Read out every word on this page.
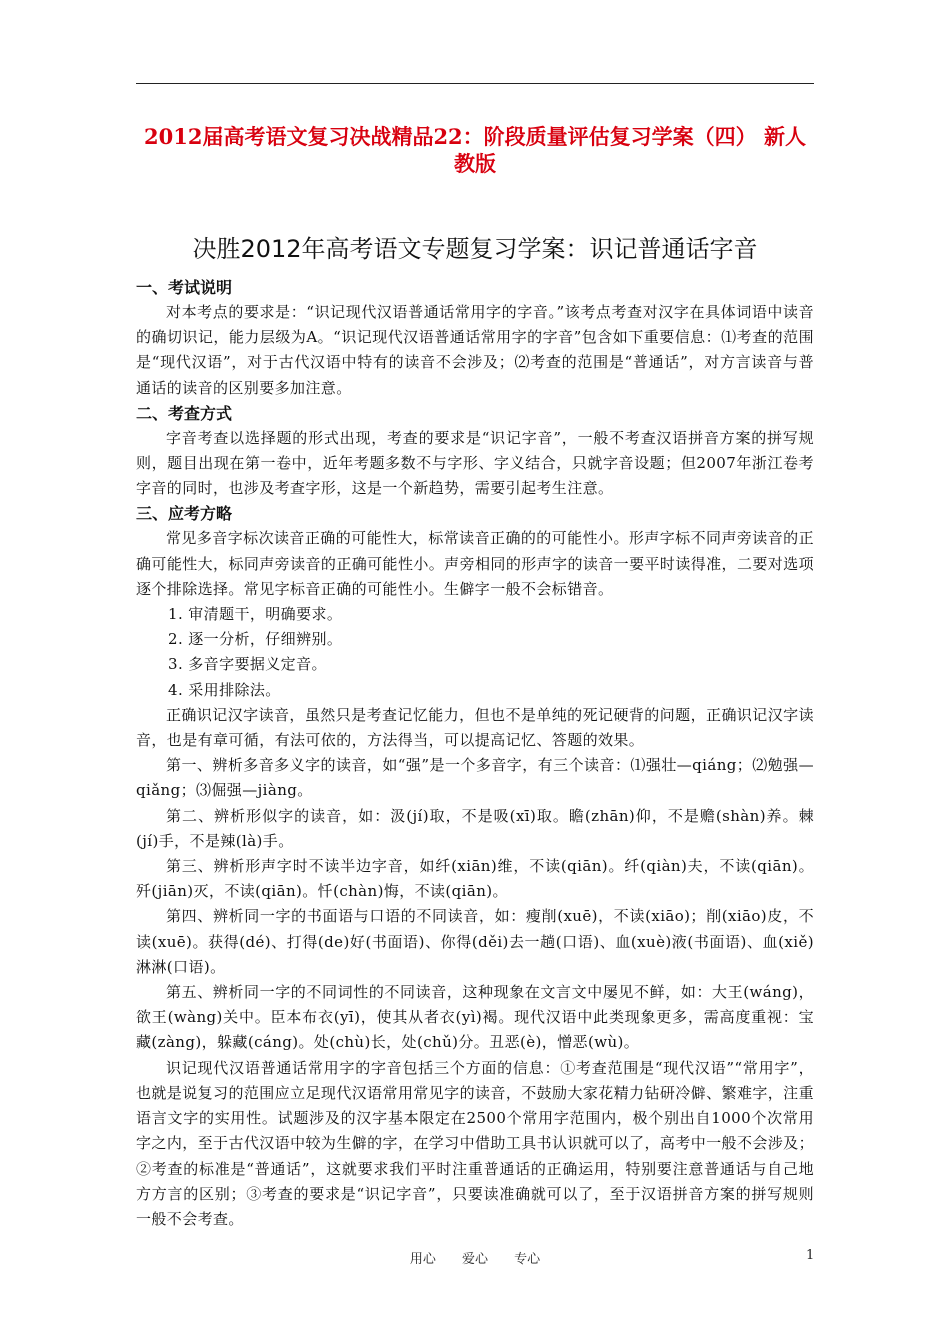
2012届高考语文复习决战精品22：阶段质量评估复习学案（四） 新人教版
决胜2012年高考语文专题复习学案：识记普通话字音
一、考试说明

对本考点的要求是：“识记现代汉语普通话常用字的字音。”该考点考查对汉字在具体词语中读音的确切识记，能力层级为A。“识记现代汉语普通话常用字的字音”包含如下重要信息：⑴考查的范围是“现代汉语”，对于古代汉语中特有的读音不会涉及；⑵考查的范围是“普通话”，对方言读音与普通话的读音的区别要多加注意。

二、考查方式

字音考查以选择题的形式出现，考查的要求是“识记字音”，一般不考查汉语拼音方案的拼写规则，题目出现在第一卷中，近年考题多数不与字形、字义结合，只就字音设题；但2007年浙江卷考字音的同时，也涉及考查字形，这是一个新趋势，需要引起考生注意。

三、应考方略

常见多音字标次读音正确的可能性大，标常读音正确的的可能性小。形声字标不同声旁读音的正确可能性大，标同声旁读音的正确可能性小。声旁相同的形声字的读音一要平时读得准，二要对选项逐个排除选择。常见字标音正确的可能性小。生僻字一般不会标错音。

1. 审清题干，明确要求。
2. 逐一分析，仔细辨别。
3. 多音字要据义定音。
4. 采用排除法。

正确识记汉字读音，虽然只是考查记忆能力，但也不是单纯的死记硬背的问题，正确识记汉字读音，也是有章可循，有法可依的，方法得当，可以提高记忆、答题的效果。

第一、辨析多音多义字的读音，如“强”是一个多音字，有三个读音：⑴强壮—qiáng；⑵勉强—qiǎng；⑶倔强—jiàng。

第二、辨析形似字的读音，如：汲(jí)取，不是吸(xī)取。瞻(zhān)仰，不是赡(shàn)养。棘(jí)手，不是辣(là)手。

第三、辨析形声字时不读半边字音，如纤(xiān)维，不读(qiān)。纤(qiàn)夫，不读(qiān)。歼(jiān)灭，不读(qiān)。忏(chàn)悔，不读(qiān)。

第四、辨析同一字的书面语与口语的不同读音，如：瘦削(xuē)，不读(xiāo)；削(xiāo)皮，不读(xuē)。获得(dé)、打得(de)好(书面语)、你得(děi)去一趟(口语)、血(xuè)液(书面语)、血(xiě)淋淋(口语)。

第五、辨析同一字的不同词性的不同读音，这种现象在文言文中屡见不鲜，如：大王(wáng)，欲王(wàng)关中。臣本布衣(yī)，使其从者衣(yì)褐。现代汉语中此类现象更多，需高度重视：宝藏(zàng)，躲藏(cáng)。处(chù)长，处(chǔ)分。丑恶(è)，憎恶(wù)。

识记现代汉语普通话常用字的字音包括三个方面的信息：①考查范围是“现代汉语”“常用字”，也就是说复习的范围应立足现代汉语常用常见字的读音，不鼓励大家花精力钻研冷僻、繁难字，注重语言文字的实用性。试题涉及的汉字基本限定在2500个常用字范围内，极个别出自1000个次常用字之内，至于古代汉语中较为生僻的字，在学习中借助工具书认识就可以了，高考中一般不会涉及；②考查的标准是“普通话”，这就要求我们平时注重普通话的正确运用，特别要注意普通话与自己地方方言的区别；③考查的要求是“识记字音”，只要读准确就可以了，至于汉语拼音方案的拼写规则一般不会考查。

用心 爱心 专心	1
